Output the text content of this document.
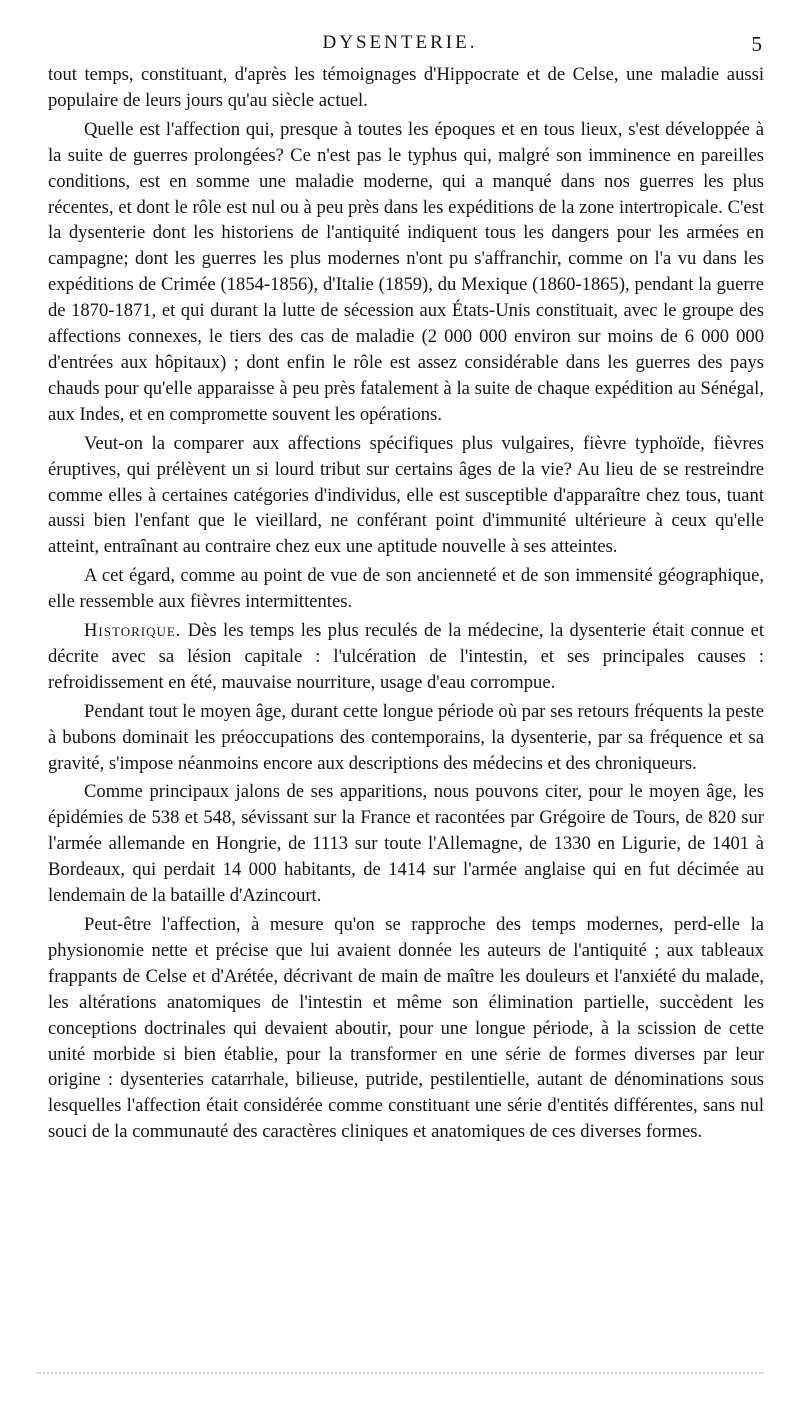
DYSENTERIE.	5

tout temps, constituant, d'après les témoignages d'Hippocrate et de Celse, une maladie aussi populaire de leurs jours qu'au siècle actuel.

Quelle est l'affection qui, presque à toutes les époques et en tous lieux, s'est développée à la suite de guerres prolongées? Ce n'est pas le typhus qui, malgré son imminence en pareilles conditions, est en somme une maladie moderne, qui a manqué dans nos guerres les plus récentes, et dont le rôle est nul ou à peu près dans les expéditions de la zone intertropicale. C'est la dysenterie dont les historiens de l'antiquité indiquent tous les dangers pour les armées en campagne; dont les guerres les plus modernes n'ont pu s'affranchir, comme on l'a vu dans les expéditions de Crimée (1854-1856), d'Italie (1859), du Mexique (1860-1865), pendant la guerre de 1870-1871, et qui durant la lutte de sécession aux États-Unis constituait, avec le groupe des affections connexes, le tiers des cas de maladie (2 000 000 environ sur moins de 6 000 000 d'entrées aux hôpitaux) ; dont enfin le rôle est assez considérable dans les guerres des pays chauds pour qu'elle apparaisse à peu près fatalement à la suite de chaque expédition au Sénégal, aux Indes, et en compromette souvent les opérations.

Veut-on la comparer aux affections spécifiques plus vulgaires, fièvre typhoïde, fièvres éruptives, qui prélèvent un si lourd tribut sur certains âges de la vie? Au lieu de se restreindre comme elles à certaines catégories d'individus, elle est susceptible d'apparaître chez tous, tuant aussi bien l'enfant que le vieillard, ne conférant point d'immunité ultérieure à ceux qu'elle atteint, entraînant au contraire chez eux une aptitude nouvelle à ses atteintes.

A cet égard, comme au point de vue de son ancienneté et de son immensité géographique, elle ressemble aux fièvres intermittentes.

Historique. Dès les temps les plus reculés de la médecine, la dysenterie était connue et décrite avec sa lésion capitale : l'ulcération de l'intestin, et ses principales causes : refroidissement en été, mauvaise nourriture, usage d'eau corrompue.

Pendant tout le moyen âge, durant cette longue période où par ses retours fréquents la peste à bubons dominait les préoccupations des contemporains, la dysenterie, par sa fréquence et sa gravité, s'impose néanmoins encore aux descriptions des médecins et des chroniqueurs.

Comme principaux jalons de ses apparitions, nous pouvons citer, pour le moyen âge, les épidémies de 538 et 548, sévissant sur la France et racontées par Grégoire de Tours, de 820 sur l'armée allemande en Hongrie, de 1113 sur toute l'Allemagne, de 1330 en Ligurie, de 1401 à Bordeaux, qui perdait 14 000 habitants, de 1414 sur l'armée anglaise qui en fut décimée au lendemain de la bataille d'Azincourt.

Peut-être l'affection, à mesure qu'on se rapproche des temps modernes, perd-elle la physionomie nette et précise que lui avaient donnée les auteurs de l'antiquité ; aux tableaux frappants de Celse et d'Arétée, décrivant de main de maître les douleurs et l'anxiété du malade, les altérations anatomiques de l'intestin et même son élimination partielle, succèdent les conceptions doctrinales qui devaient aboutir, pour une longue période, à la scission de cette unité morbide si bien établie, pour la transformer en une série de formes diverses par leur origine : dysenteries catarrhale, bilieuse, putride, pestilentielle, autant de dénominations sous lesquelles l'affection était considérée comme constituant une série d'entités différentes, sans nul souci de la communauté des caractères cliniques et anatomiques de ces diverses formes.
